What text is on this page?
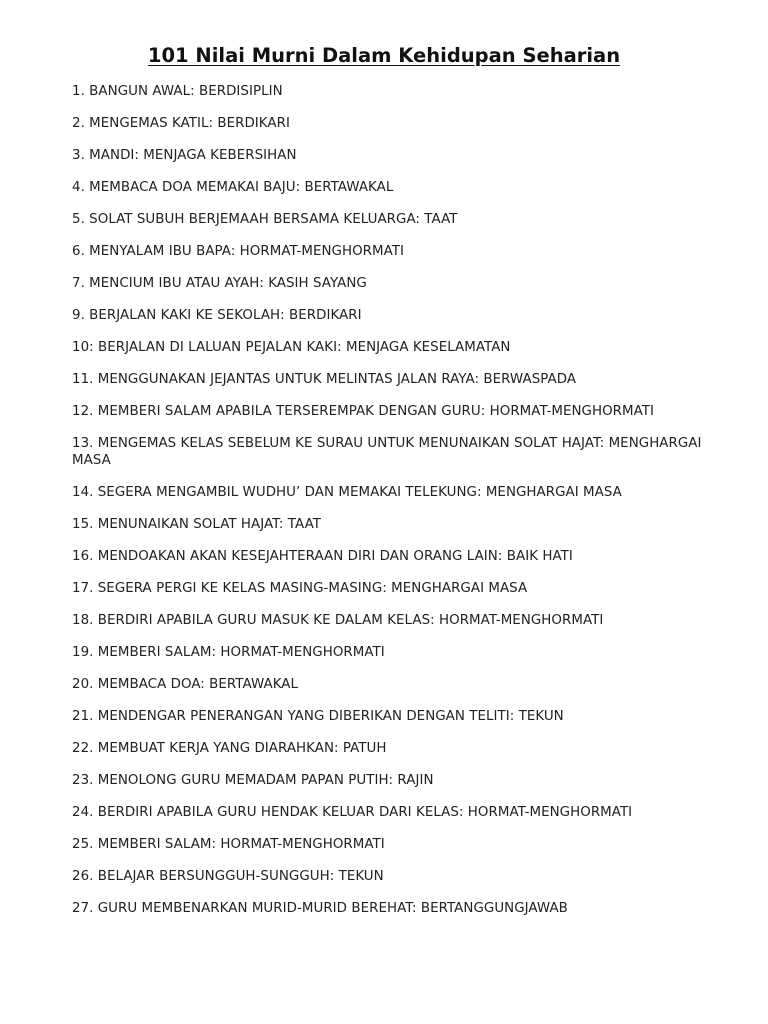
101 Nilai Murni Dalam Kehidupan Seharian
1. BANGUN AWAL: BERDISIPLIN
2. MENGEMAS KATIL: BERDIKARI
3. MANDI: MENJAGA KEBERSIHAN
4. MEMBACA DOA MEMAKAI BAJU: BERTAWAKAL
5. SOLAT SUBUH BERJEMAAH BERSAMA KELUARGA: TAAT
6. MENYALAM IBU BAPA: HORMAT-MENGHORMATI
7. MENCIUM IBU ATAU AYAH: KASIH SAYANG
9. BERJALAN KAKI KE SEKOLAH: BERDIKARI
10: BERJALAN DI LALUAN PEJALAN KAKI: MENJAGA KESELAMATAN
11. MENGGUNAKAN JEJANTAS UNTUK MELINTAS JALAN RAYA: BERWASPADA
12. MEMBERI SALAM APABILA TERSEREMPAK DENGAN GURU: HORMAT-MENGHORMATI
13. MENGEMAS KELAS SEBELUM KE SURAU UNTUK MENUNAIKAN SOLAT HAJAT: MENGHARGAI MASA
14. SEGERA MENGAMBIL WUDHU’ DAN MEMAKAI TELEKUNG: MENGHARGAI MASA
15. MENUNAIKAN SOLAT HAJAT: TAAT
16. MENDOAKAN AKAN KESEJAHTERAAN DIRI DAN ORANG LAIN: BAIK HATI
17. SEGERA PERGI KE KELAS MASING-MASING: MENGHARGAI MASA
18. BERDIRI APABILA GURU MASUK KE DALAM KELAS: HORMAT-MENGHORMATI
19. MEMBERI SALAM: HORMAT-MENGHORMATI
20. MEMBACA DOA: BERTAWAKAL
21. MENDENGAR PENERANGAN YANG DIBERIKAN DENGAN TELITI: TEKUN
22. MEMBUAT KERJA YANG DIARAHKAN: PATUH
23. MENOLONG GURU MEMADAM PAPAN PUTIH: RAJIN
24. BERDIRI APABILA GURU HENDAK KELUAR DARI KELAS: HORMAT-MENGHORMATI
25. MEMBERI SALAM: HORMAT-MENGHORMATI
26. BELAJAR BERSUNGGUH-SUNGGUH: TEKUN
27. GURU MEMBENARKAN MURID-MURID BEREHAT: BERTANGGUNGJAWAB
